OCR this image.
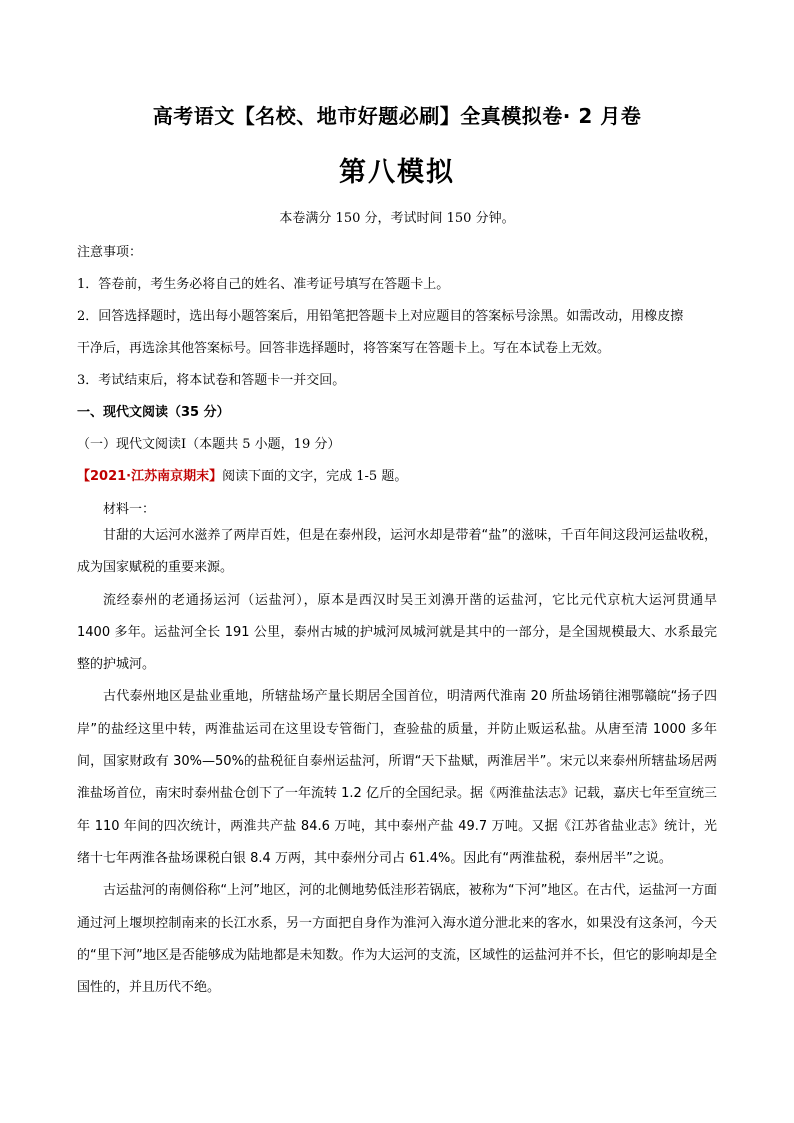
高考语文【名校、地市好题必刷】全真模拟卷· 2 月卷
第八模拟
本卷满分 150 分，考试时间 150 分钟。
注意事项：
1．答卷前，考生务必将自己的姓名、准考证号填写在答题卡上。
2．回答选择题时，选出每小题答案后，用铅笔把答题卡上对应题目的答案标号涂黑。如需改动，用橡皮擦
干净后，再选涂其他答案标号。回答非选择题时，将答案写在答题卡上。写在本试卷上无效。
3．考试结束后，将本试卷和答题卡一并交回。
一、现代文阅读（35 分）
（一）现代文阅读Ⅰ（本题共 5 小题，19 分）
【2021·江苏南京期末】阅读下面的文字，完成 1-5 题。
材料一：

甘甜的大运河水滋养了两岸百姓，但是在泰州段，运河水却是带着“盐”的滋味，千百年间这段河运盐收税，成为国家赋税的重要来源。

流经泰州的老通扬运河（运盐河），原本是西汉时吴王刘濞开凿的运盐河，它比元代京杭大运河贯通早 1400 多年。运盐河全长 191 公里，泰州古城的护城河凤城河就是其中的一部分，是全国规模最大、水系最完整的护城河。

古代泰州地区是盐业重地，所辖盐场产量长期居全国首位，明清两代淮南 20 所盐场销往湘鄂赣皖“扬子四岸”的盐经这里中转，两淮盐运司在这里设专管衙门，查验盐的质量，并防止贩运私盐。从唐至清 1000 多年间，国家财政有 30%—50%的盐税征自泰州运盐河，所谓“天下盐赋，两淮居半”。宋元以来泰州所辖盐场居两淮盐场首位，南宋时泰州盐仓创下了一年流转 1.2 亿斤的全国纪录。据《两淮盐法志》记载，嘉庆七年至宣统三年 110 年间的四次统计，两淮共产盐 84.6 万吨，其中泰州产盐 49.7 万吨。又据《江苏省盐业志》统计，光绪十七年两淮各盐场课税白银 8.4 万两，其中泰州分司占 61.4%。因此有“两淮盐税，泰州居半”之说。

古运盐河的南侧俗称“上河”地区，河的北侧地势低洼形若锅底，被称为“下河”地区。在古代，运盐河一方面通过河上堰坝控制南来的长江水系，另一方面把自身作为淮河入海水道分泄北来的客水，如果没有这条河，今天的“里下河”地区是否能够成为陆地都是未知数。作为大运河的支流，区域性的运盐河并不长，但它的影响却是全国性的，并且历代不绝。
